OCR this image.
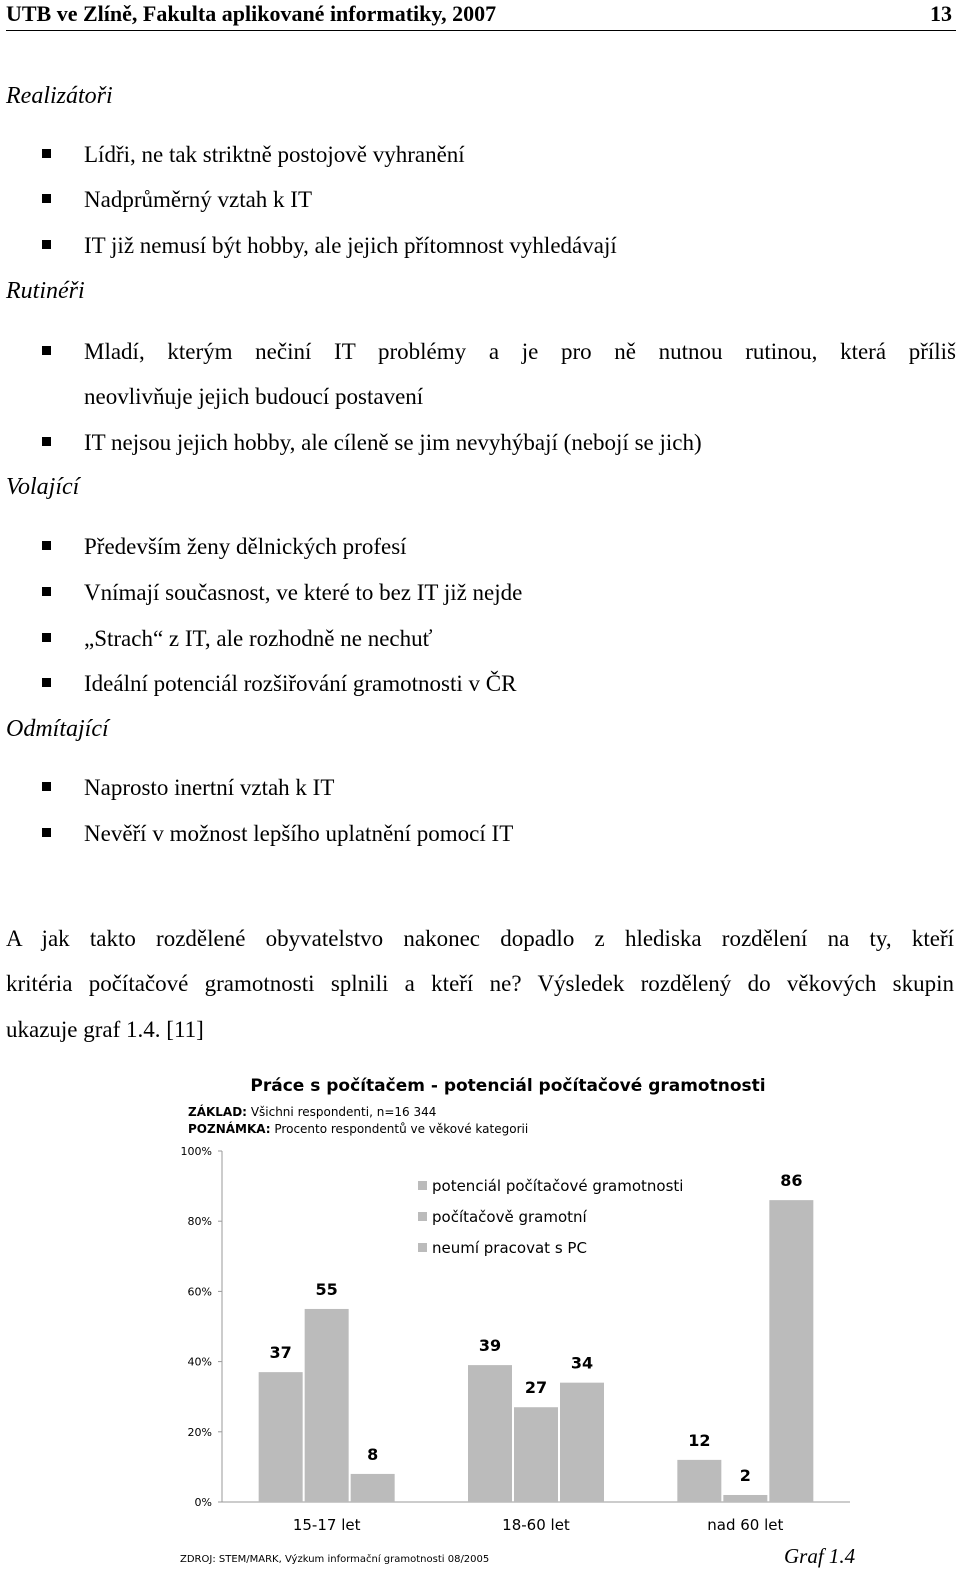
UTB ve Zlíně, Fakulta aplikované informatiky, 2007	13
Realizátoři
Lídři, ne tak striktně postojově vyhranění
Nadprůměrný vztah k IT
IT již nemusí být hobby, ale jejich přítomnost vyhledávají
Rutinéři
Mladí, kterým nečiní IT problémy a je pro ně nutnou rutinou, která příliš
neovlivňuje jejich budoucí postavení
IT nejsou jejich hobby, ale cíleně se jim nevyhýbají (nebojí se jich)
Volající
Především ženy dělnických profesí
Vnímají současnost, ve které to bez IT již nejde
„Strach“ z IT, ale rozhodně ne nechuť
Ideální potenciál rozšiřování gramotnosti v ČR
Odmítající
Naprosto inertní vztah k IT
Nevěří v možnost lepšího uplatnění pomocí IT
A jak takto rozdělené obyvatelstvo nakonec dopadlo z hlediska rozdělení na ty, kteří
kritéria počítačové gramotnosti splnili a kteří ne? Výsledek rozdělený do věkových skupin
ukazuje graf 1.4. [11]
Práce s počítačem - potenciál počítačové gramotnosti
ZÁKLAD: Všichni respondenti, n=16 344
POZNÁMKA: Procento respondentů ve věkové kategorii
0%
20%
40%
60%
80%
100%
37
55
8
15-17 let
39
27
34
18-60 let
12
2
86
nad 60 let
potenciál počítačové gramotnosti
počítačově gramotní
neumí pracovat s PC
ZDROJ: STEM/MARK, Výzkum informační gramotnosti 08/2005	Graf 1.4
